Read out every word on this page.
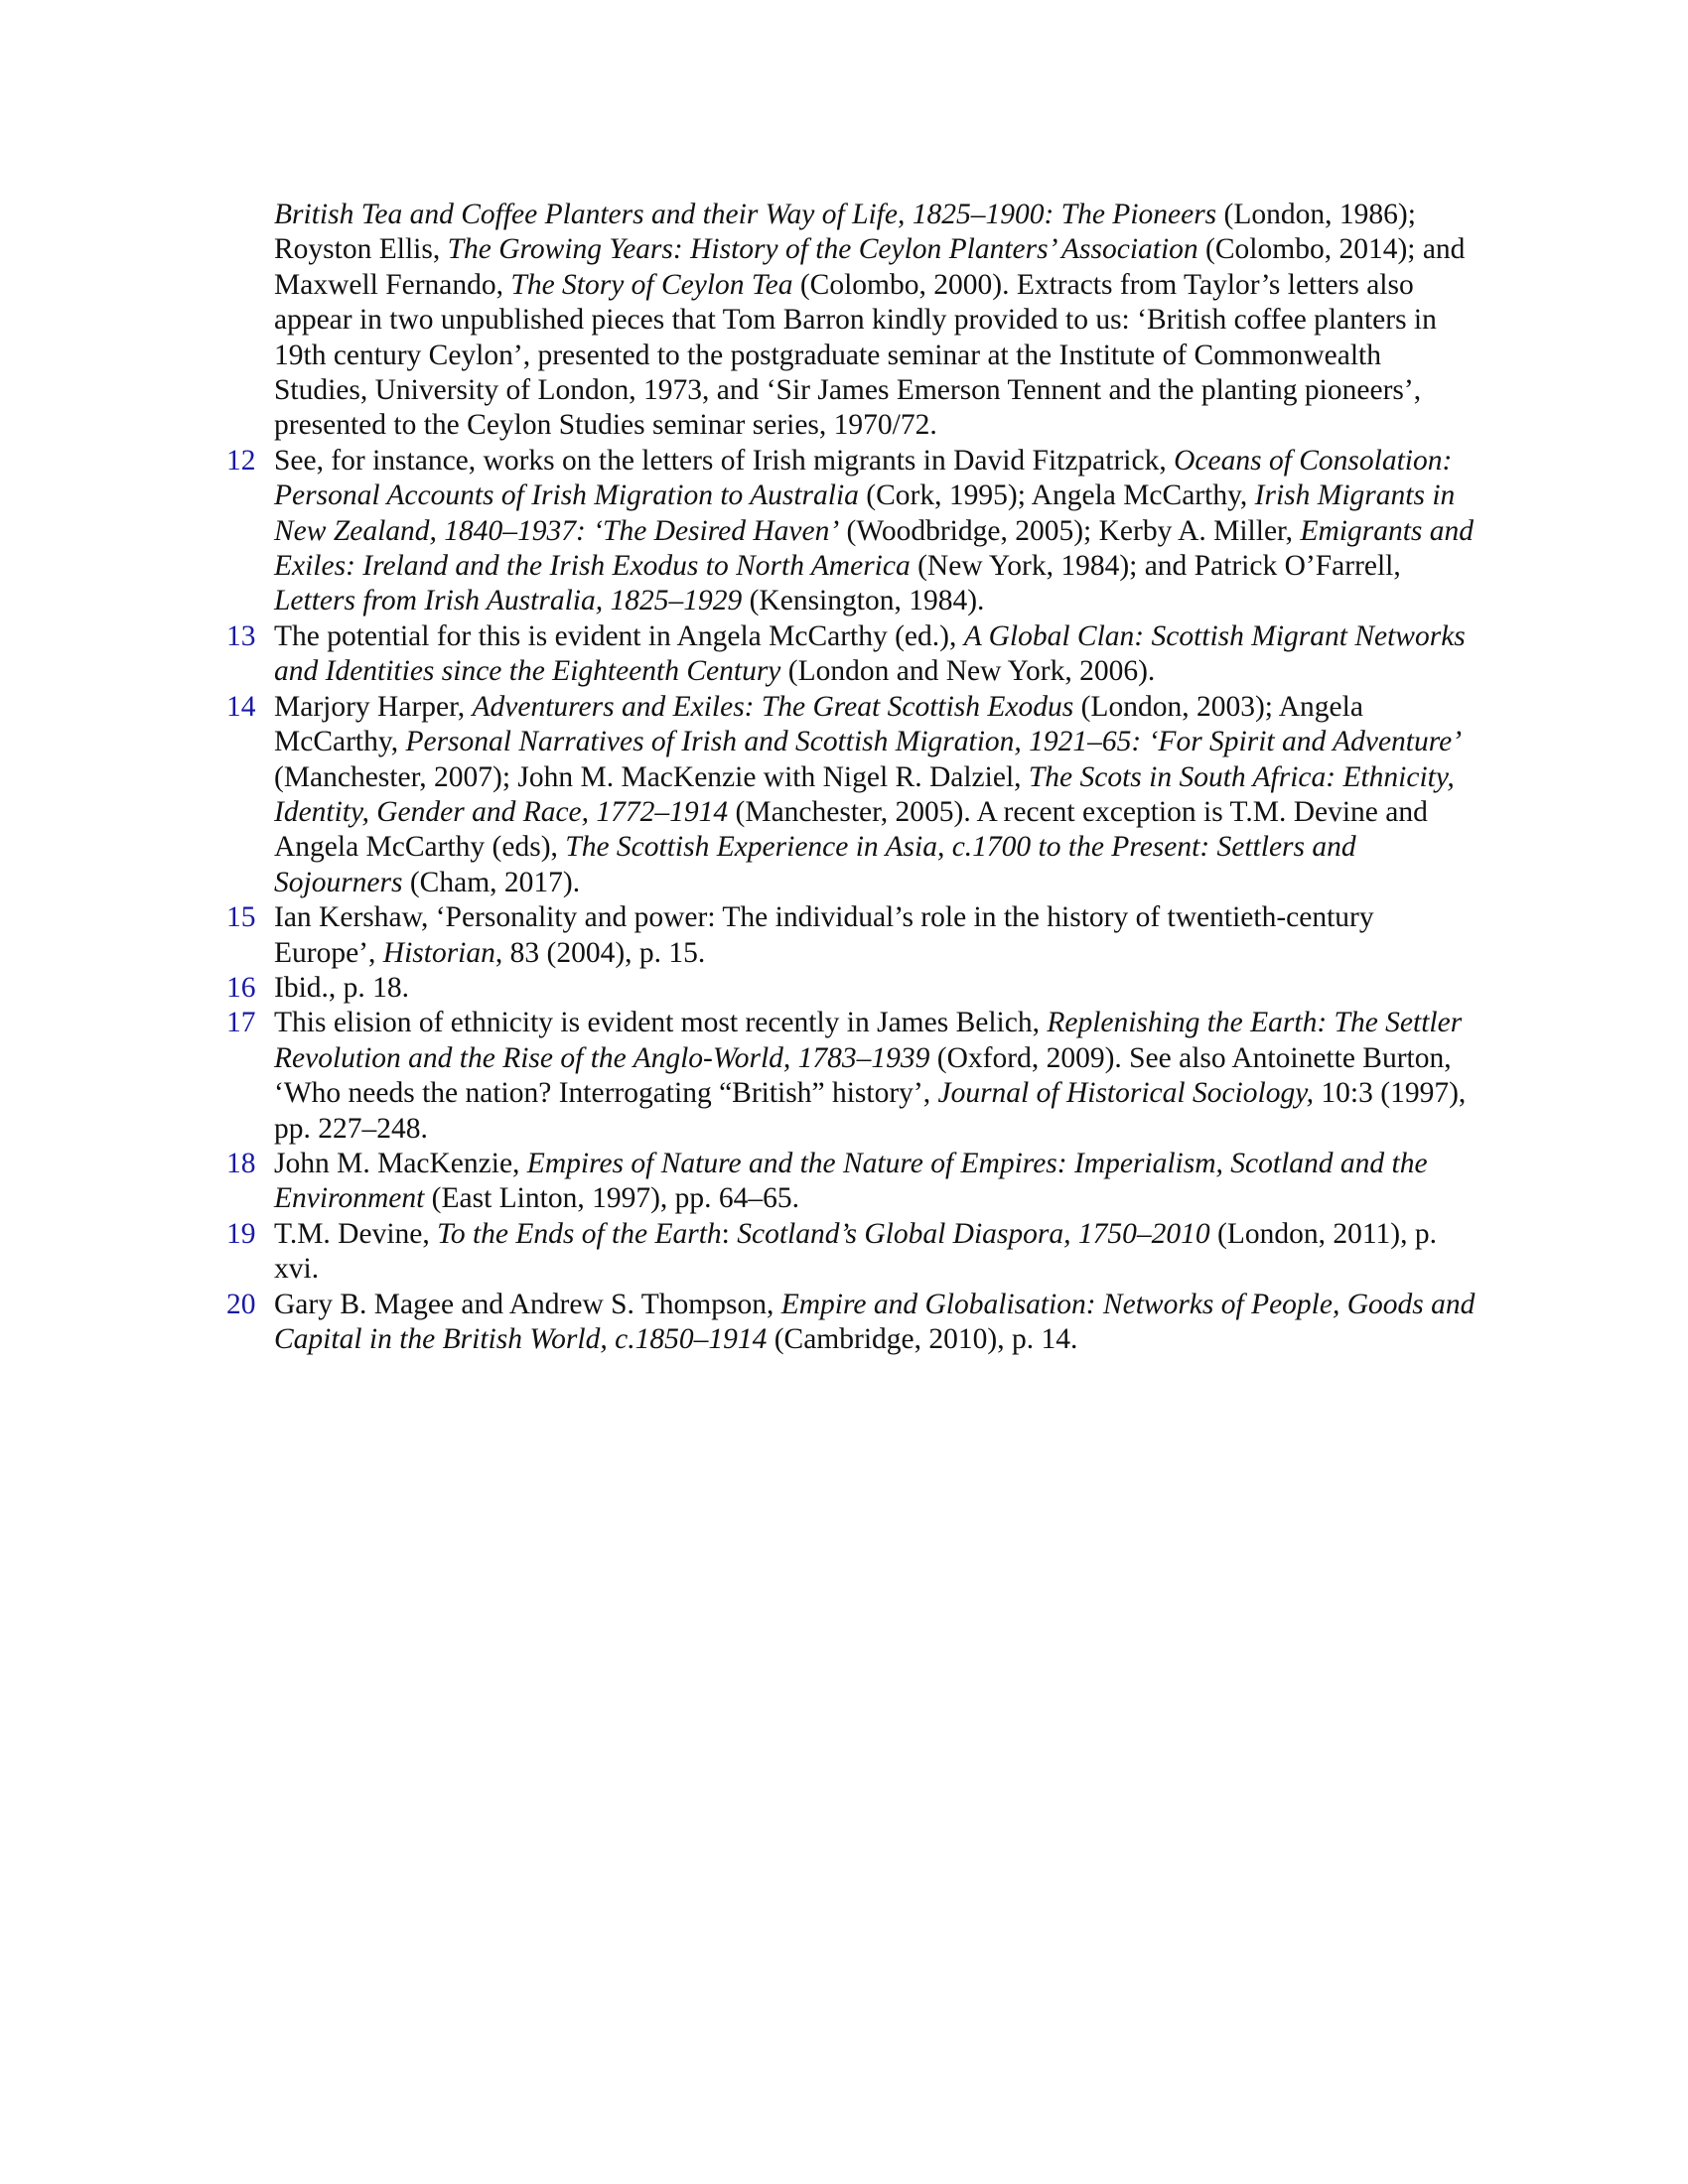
British Tea and Coffee Planters and their Way of Life, 1825–1900: The Pioneers (London, 1986); Royston Ellis, The Growing Years: History of the Ceylon Planters’ Association (Colombo, 2014); and Maxwell Fernando, The Story of Ceylon Tea (Colombo, 2000). Extracts from Taylor’s letters also appear in two unpublished pieces that Tom Barron kindly provided to us: ‘British coffee planters in 19th century Ceylon’, presented to the postgraduate seminar at the Institute of Commonwealth Studies, University of London, 1973, and ‘Sir James Emerson Tennent and the planting pioneers’, presented to the Ceylon Studies seminar series, 1970/72.
12 See, for instance, works on the letters of Irish migrants in David Fitzpatrick, Oceans of Consolation: Personal Accounts of Irish Migration to Australia (Cork, 1995); Angela McCarthy, Irish Migrants in New Zealand, 1840–1937: ‘The Desired Haven’ (Woodbridge, 2005); Kerby A. Miller, Emigrants and Exiles: Ireland and the Irish Exodus to North America (New York, 1984); and Patrick O’Farrell, Letters from Irish Australia, 1825–1929 (Kensington, 1984).
13 The potential for this is evident in Angela McCarthy (ed.), A Global Clan: Scottish Migrant Networks and Identities since the Eighteenth Century (London and New York, 2006).
14 Marjory Harper, Adventurers and Exiles: The Great Scottish Exodus (London, 2003); Angela McCarthy, Personal Narratives of Irish and Scottish Migration, 1921–65: ‘For Spirit and Adventure’ (Manchester, 2007); John M. MacKenzie with Nigel R. Dalziel, The Scots in South Africa: Ethnicity, Identity, Gender and Race, 1772–1914 (Manchester, 2005). A recent exception is T.M. Devine and Angela McCarthy (eds), The Scottish Experience in Asia, c.1700 to the Present: Settlers and Sojourners (Cham, 2017).
15 Ian Kershaw, ‘Personality and power: The individual’s role in the history of twentieth-century Europe’, Historian, 83 (2004), p. 15.
16 Ibid., p. 18.
17 This elision of ethnicity is evident most recently in James Belich, Replenishing the Earth: The Settler Revolution and the Rise of the Anglo-World, 1783–1939 (Oxford, 2009). See also Antoinette Burton, ‘Who needs the nation? Interrogating “British” history’, Journal of Historical Sociology, 10:3 (1997), pp. 227–248.
18 John M. MacKenzie, Empires of Nature and the Nature of Empires: Imperialism, Scotland and the Environment (East Linton, 1997), pp. 64–65.
19 T.M. Devine, To the Ends of the Earth: Scotland’s Global Diaspora, 1750–2010 (London, 2011), p. xvi.
20 Gary B. Magee and Andrew S. Thompson, Empire and Globalisation: Networks of People, Goods and Capital in the British World, c.1850–1914 (Cambridge, 2010), p. 14.
